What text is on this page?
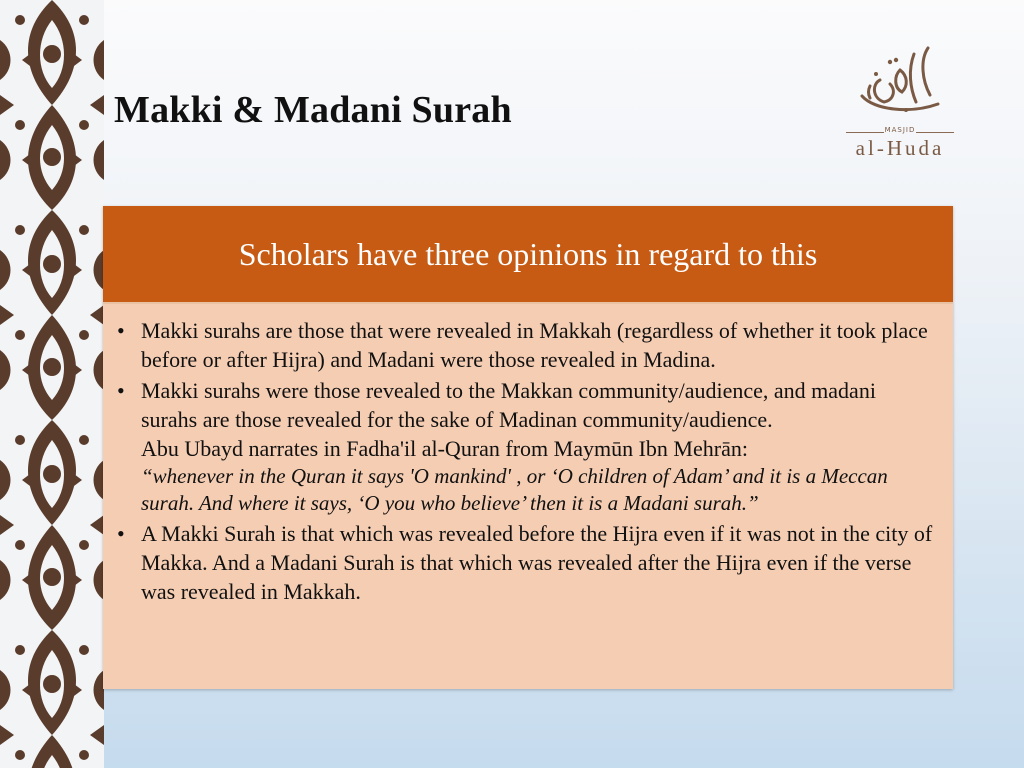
Makki & Madani Surah	MASJID
al-Huda
Scholars have three opinions in regard to this
• Makki surahs are those that were revealed in Makkah (regardless of whether it took place before or after Hijra) and Madani were those revealed in Madina.
• Makki surahs were those revealed to the Makkan community/audience, and madani surahs are those revealed for the sake of Madinan community/audience.
Abu Ubayd narrates in Fadha'il al-Quran from Maymūn Ibn Mehrān:
“whenever in the Quran it says 'O mankind' , or ‘O children of Adam’ and it is a Meccan surah. And where it says, ‘O you who believe’ then it is a Madani surah.”
• A Makki Surah is that which was revealed before the Hijra even if it was not in the city of Makka. And a Madani Surah is that which was revealed after the Hijra even if the verse was revealed in Makkah.
